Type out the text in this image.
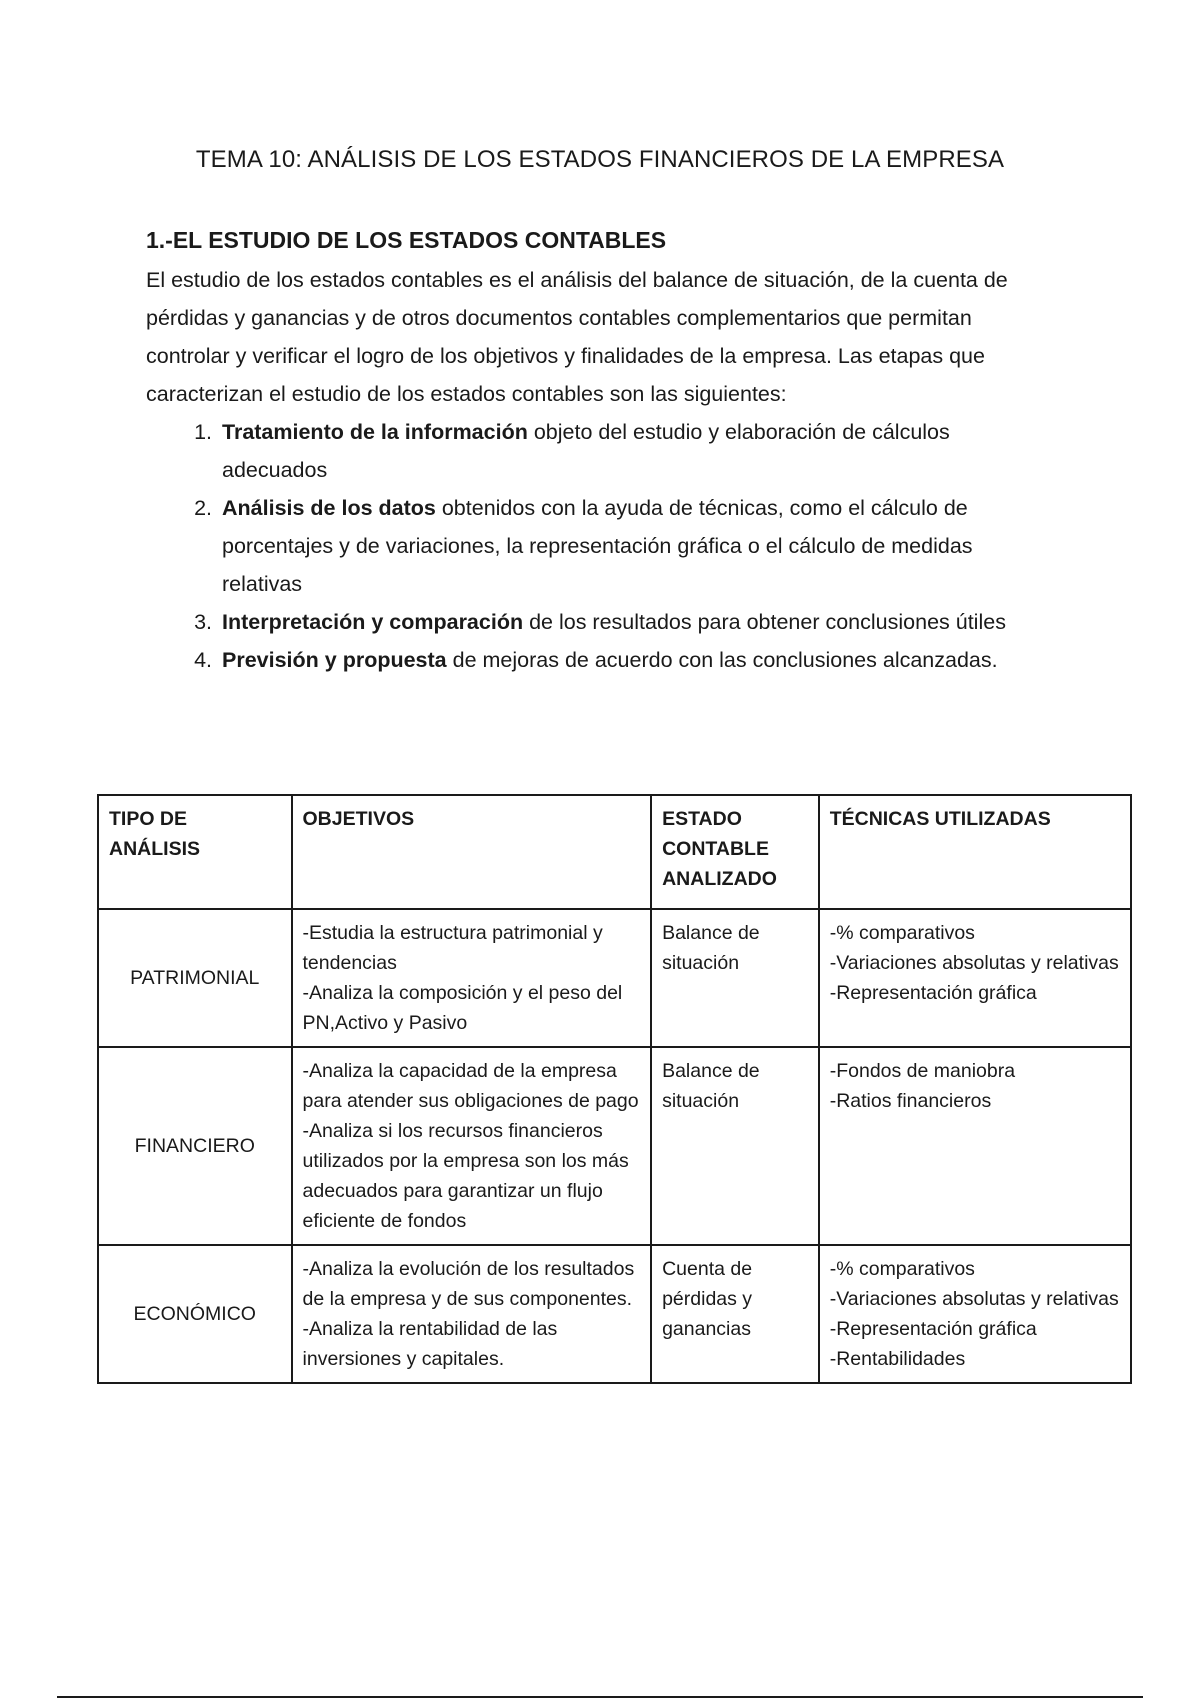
TEMA 10: ANÁLISIS DE LOS ESTADOS FINANCIEROS DE LA EMPRESA
1.-EL ESTUDIO DE LOS ESTADOS CONTABLES

El estudio de los estados contables es el análisis del balance de situación, de la cuenta de pérdidas y ganancias y de otros documentos contables complementarios que permitan controlar y verificar el logro de los objetivos y finalidades de la empresa. Las etapas que caracterizan el estudio de los estados contables son las siguientes:

1. Tratamiento de la información objeto del estudio y elaboración de cálculos adecuados
2. Análisis de los datos obtenidos con la ayuda de técnicas, como el cálculo de porcentajes y de variaciones, la representación gráfica o el cálculo de medidas relativas
3. Interpretación y comparación de los resultados para obtener conclusiones útiles
4. Previsión y propuesta de mejoras de acuerdo con las conclusiones alcanzadas.
TIPO DE ANÁLISIS	OBJETIVOS	ESTADO CONTABLE ANALIZADO	TÉCNICAS UTILIZADAS
PATRIMONIAL	-Estudia la estructura patrimonial y tendencias
-Analiza la composición y el peso del PN,Activo y Pasivo	Balance de situación	-% comparativos
-Variaciones absolutas y relativas
-Representación gráfica

FINANCIERO	-Analiza la capacidad de la empresa para atender sus obligaciones de pago
-Analiza si los recursos financieros utilizados por la empresa son los más adecuados para garantizar un flujo eficiente de fondos	Balance de situación	-Fondos de maniobra
-Ratios financieros

ECONÓMICO	-Analiza la evolución de los resultados de la empresa y de sus componentes.
-Analiza la rentabilidad de las inversiones y capitales.	Cuenta de pérdidas y ganancias	-% comparativos
-Variaciones absolutas y relativas
-Representación gráfica
-Rentabilidades
